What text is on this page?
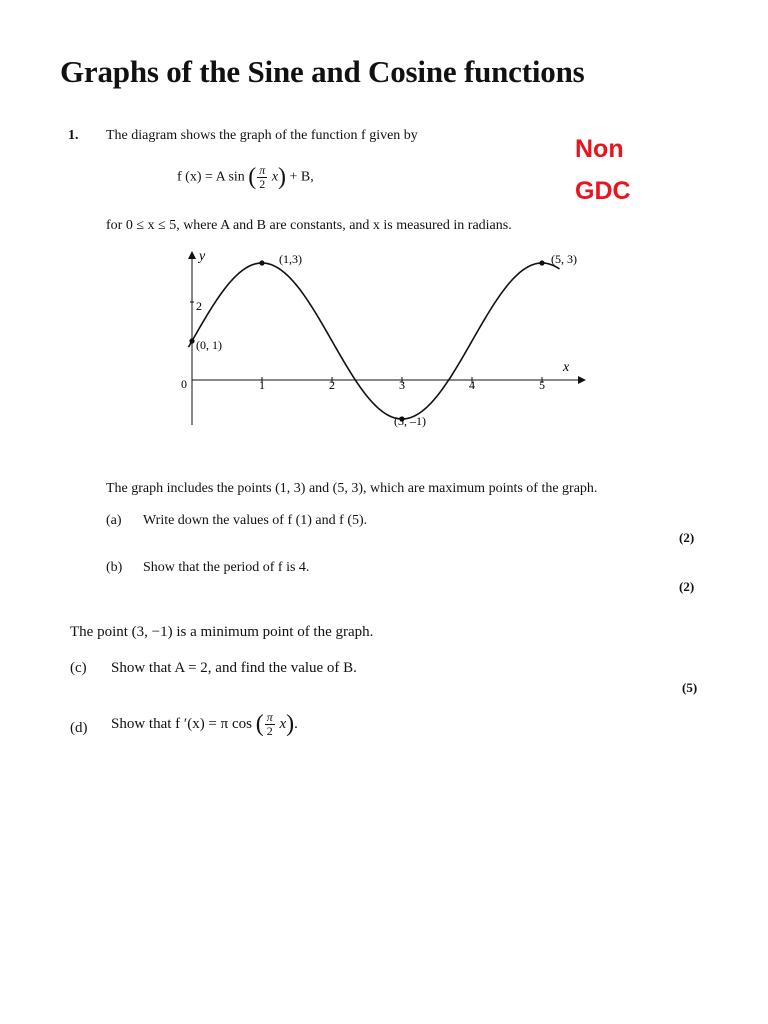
Graphs of the Sine and Cosine functions
1. The diagram shows the graph of the function f given by	Non
GDC
f (x) = A sin ( $\frac{\pi}{2} x) + B$,
for 0 ≤ x ≤ 5, where A and B are constants, and x is measured in radians.
x
y
0	1	2	3	4	5
2
(1,3)	(5, 3)
(0, 1)
(3, –1)
The graph includes the points (1, 3) and (5, 3), which are maximum points of the graph.
(a) Write down the values of f (1) and f (5).
(2)
(b) Show that the period of f is 4.
(2)
The point (3, −1) is a minimum point of the graph.
(c) Show that A = 2, and find the value of B.
(5)
(d) Show that f ′(x) = π cos ( $\frac{\pi}{2} x$).
